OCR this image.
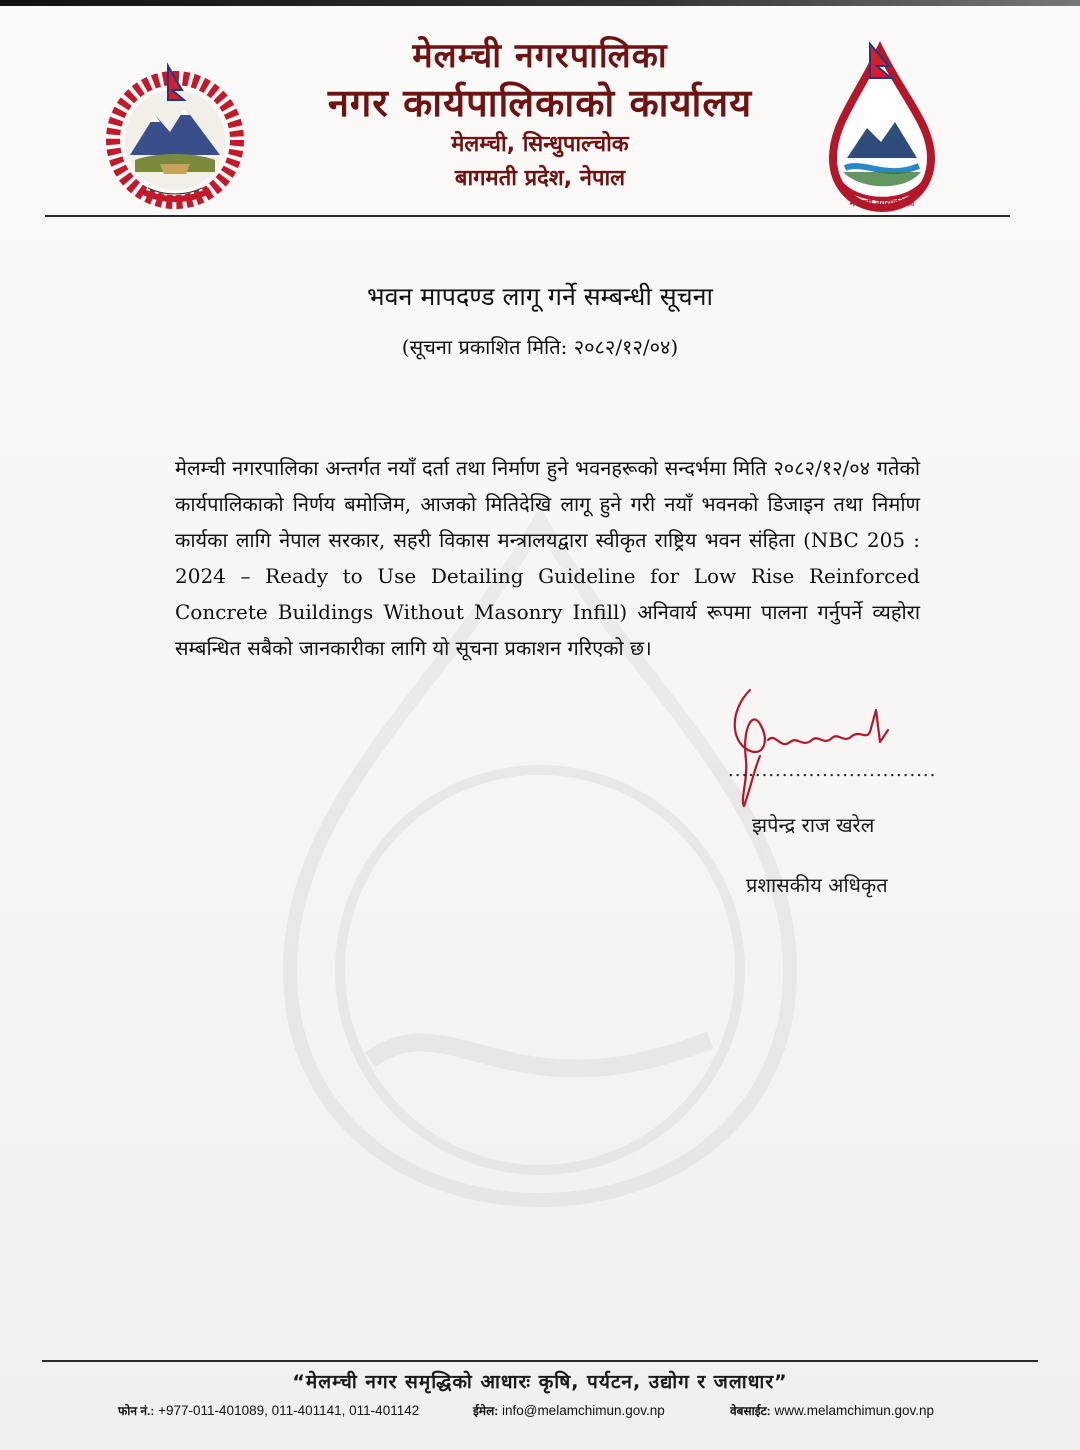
मेलम्ची नगरपालिका
नगर कार्यपालिकाको कार्यालय
मेलम्ची, सिन्धुपाल्चोक
बागमती प्रदेश, नेपाल
मेलम्ची नगरपालिका
भवन मापदण्ड लागू गर्ने सम्बन्धी सूचना
(सूचना प्रकाशित मिति: २०८२/१२/०४)
मेलम्ची नगरपालिका अन्तर्गत नयाँ दर्ता तथा निर्माण हुने भवनहरूको सन्दर्भमा मिति २०८२/१२/०४ गतेको कार्यपालिकाको निर्णय बमोजिम, आजको मितिदेखि लागू हुने गरी नयाँ भवनको डिजाइन तथा निर्माण कार्यका लागि नेपाल सरकार, सहरी विकास मन्त्रालयद्वारा स्वीकृत राष्ट्रिय भवन संहिता (NBC 205 : 2024 – Ready to Use Detailing Guideline for Low Rise Reinforced Concrete Buildings Without Masonry Infill) अनिवार्य रूपमा पालना गर्नुपर्ने व्यहोरा सम्बन्धित सबैको जानकारीका लागि यो सूचना प्रकाशन गरिएको छ।
...............................
झपेन्द्र राज खरेल
प्रशासकीय अधिकृत
“मेलम्ची नगर समृद्धिको आधारः कृषि, पर्यटन, उद्योग र जलाधार”
फोन नं.: +977-011-401089, 011-401141, 011-401142	ईमेल: info@melamchimun.gov.np	वेबसाईट: www.melamchimun.gov.np
